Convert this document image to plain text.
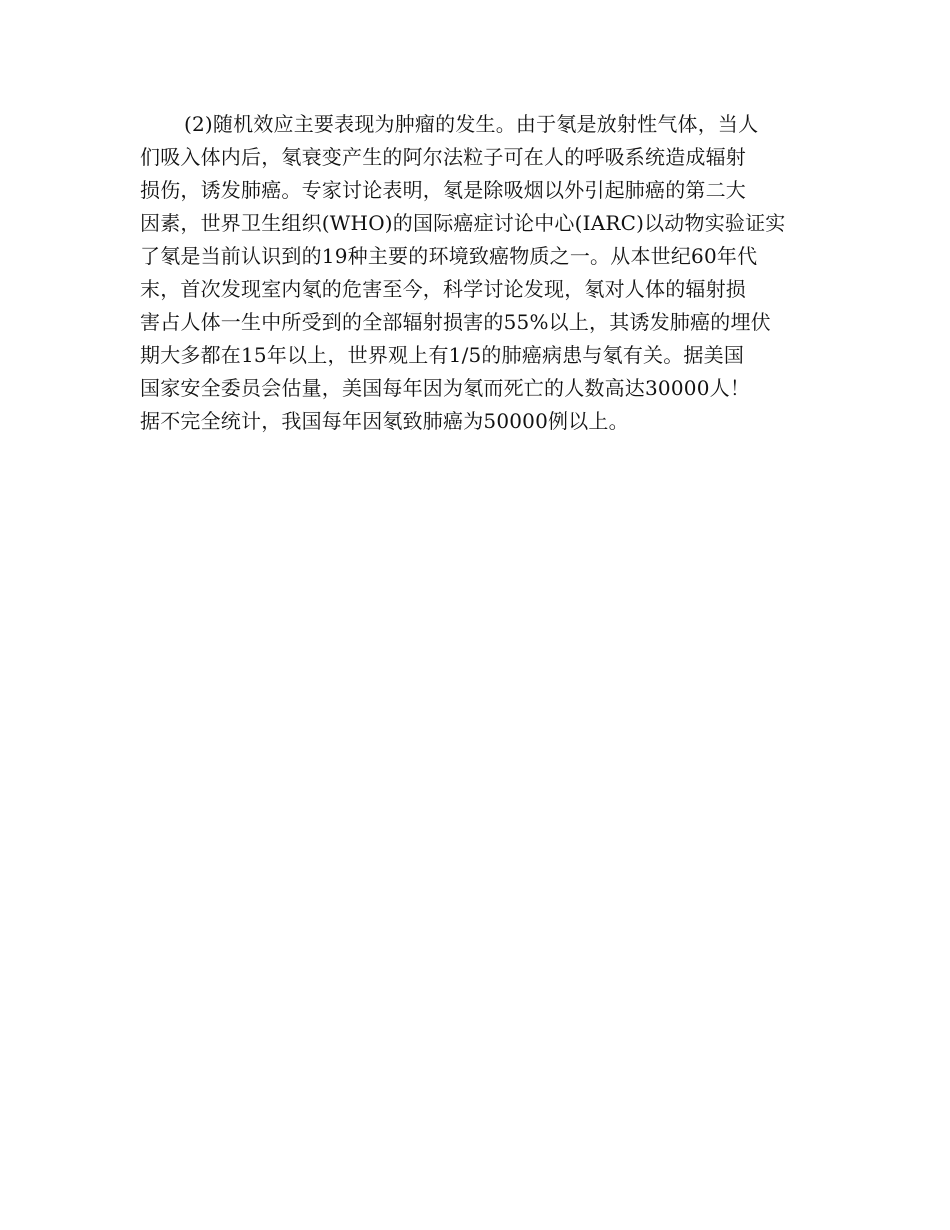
(2)随机效应主要表现为肿瘤的发生。由于氡是放射性气体，当人
们吸入体内后，氡衰变产生的阿尔法粒子可在人的呼吸系统造成辐射
损伤，诱发肺癌。专家讨论表明，氡是除吸烟以外引起肺癌的第二大
因素，世界卫生组织(WHO)的国际癌症讨论中心(IARC)以动物实验证实
了氡是当前认识到的19种主要的环境致癌物质之一。从本世纪60年代
末，首次发现室内氡的危害至今，科学讨论发现，氡对人体的辐射损
害占人体一生中所受到的全部辐射损害的55%以上，其诱发肺癌的埋伏
期大多都在15年以上，世界观上有1/5的肺癌病患与氡有关。据美国
国家安全委员会估量，美国每年因为氡而死亡的人数高达30000人！
据不完全统计，我国每年因氡致肺癌为50000例以上。
